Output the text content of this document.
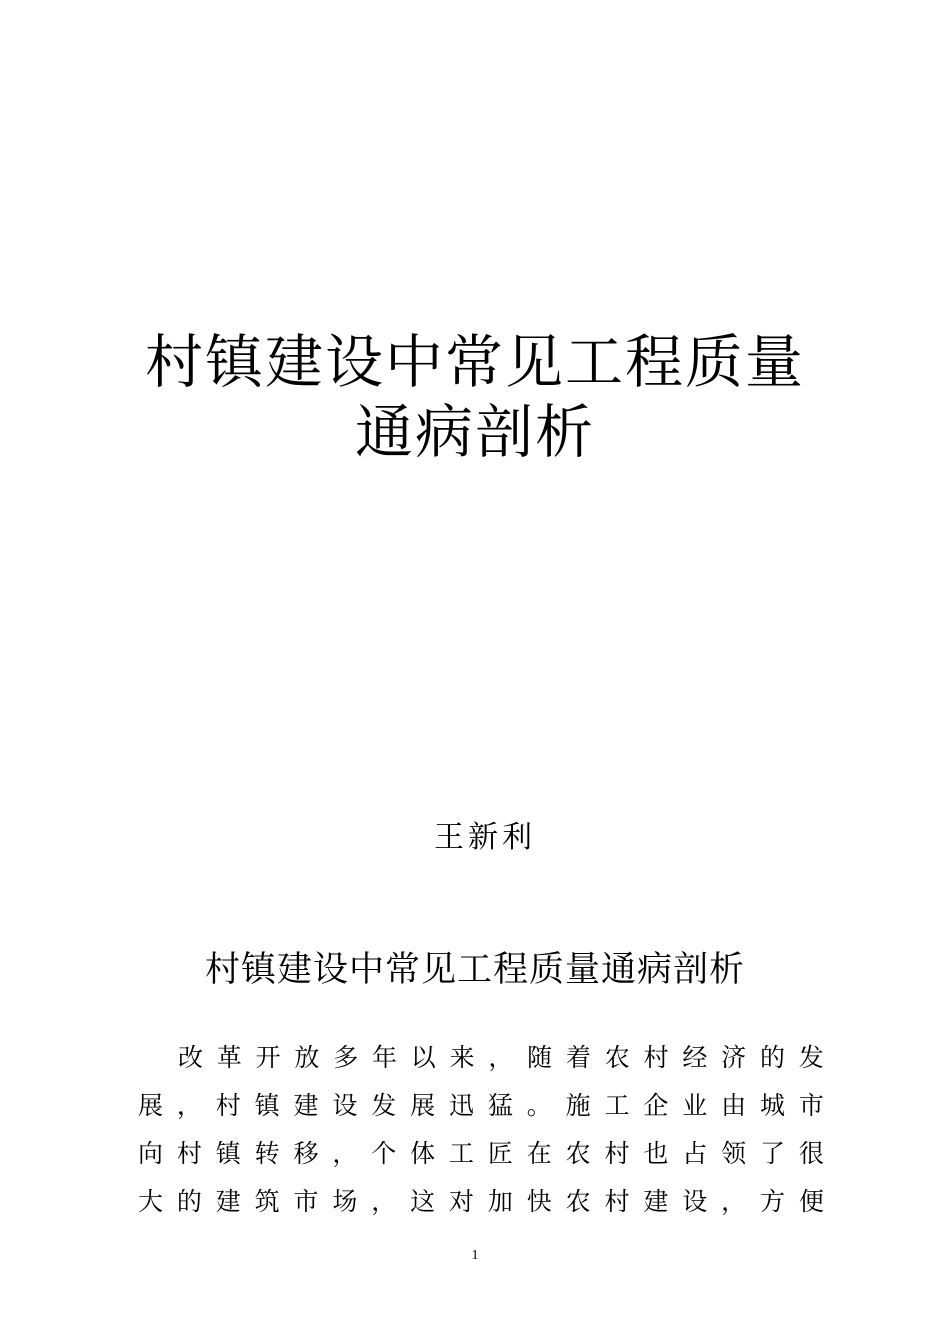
村镇建设中常见工程质量
通病剖析
王新利
村镇建设中常见工程质量通病剖析
改 革 开 放 多 年 以 来 ， 随 着 农 村 经 济 的 发
展 ， 村 镇 建 设 发 展 迅 猛 。 施 工 企 业 由 城 市
向 村 镇 转 移 ， 个 体 工 匠 在 农 村 也 占 领 了 很
大 的 建 筑 市 场 ， 这 对 加 快 农 村 建 设 ， 方 便
1
